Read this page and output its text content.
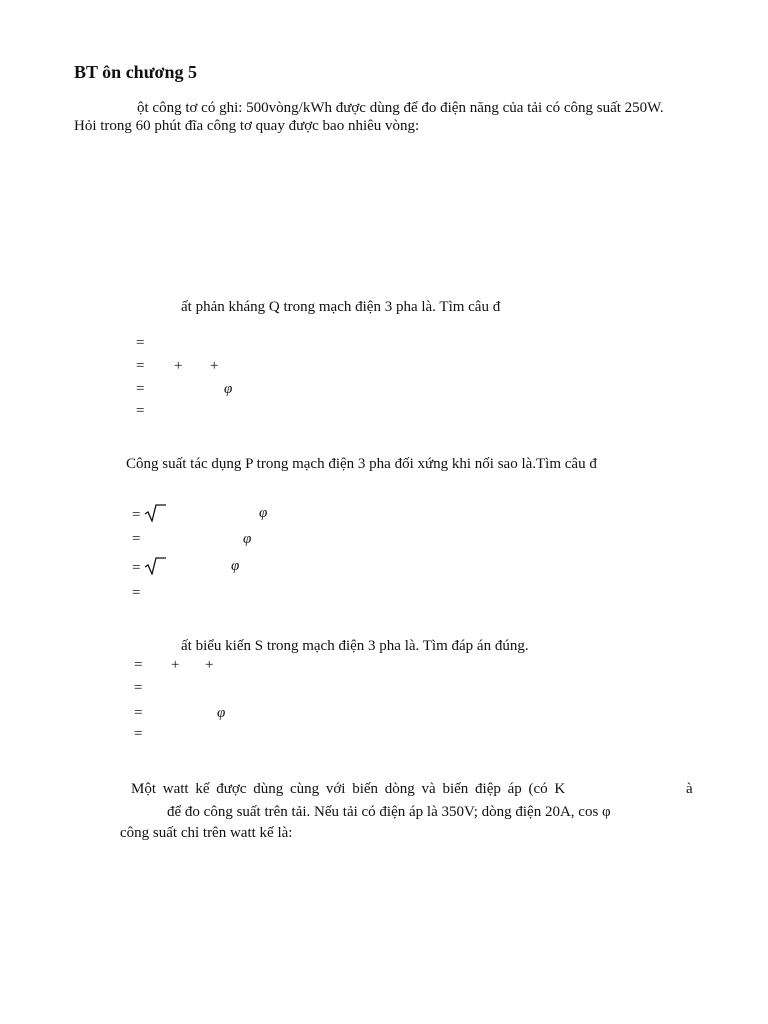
BT ôn chương 5
ột công tơ có ghi: 500vòng/kWh được dùng để đo điện năng của tải có công suất 250W.
Hỏi trong 60 phút đĩa công tơ quay được bao nhiêu vòng:
ất phản kháng Q trong mạch điện 3 pha là. Tìm câu đ
=
= + +
=	φ
=
Công suất tác dụng P trong mạch điện 3 pha đối xứng khi nối sao là.Tìm câu đ
=	φ
=	φ
=	φ
=
ất biểu kiến S trong mạch điện 3 pha là. Tìm đáp án đúng.
= + +
=
=	φ
=
Một watt kế được dùng cùng với biến dòng và biến điệp áp (có K	à
để đo công suất trên tải. Nếu tải có điện áp là 350V; dòng điện 20A, cos φ
công suất chỉ trên watt kế là:
